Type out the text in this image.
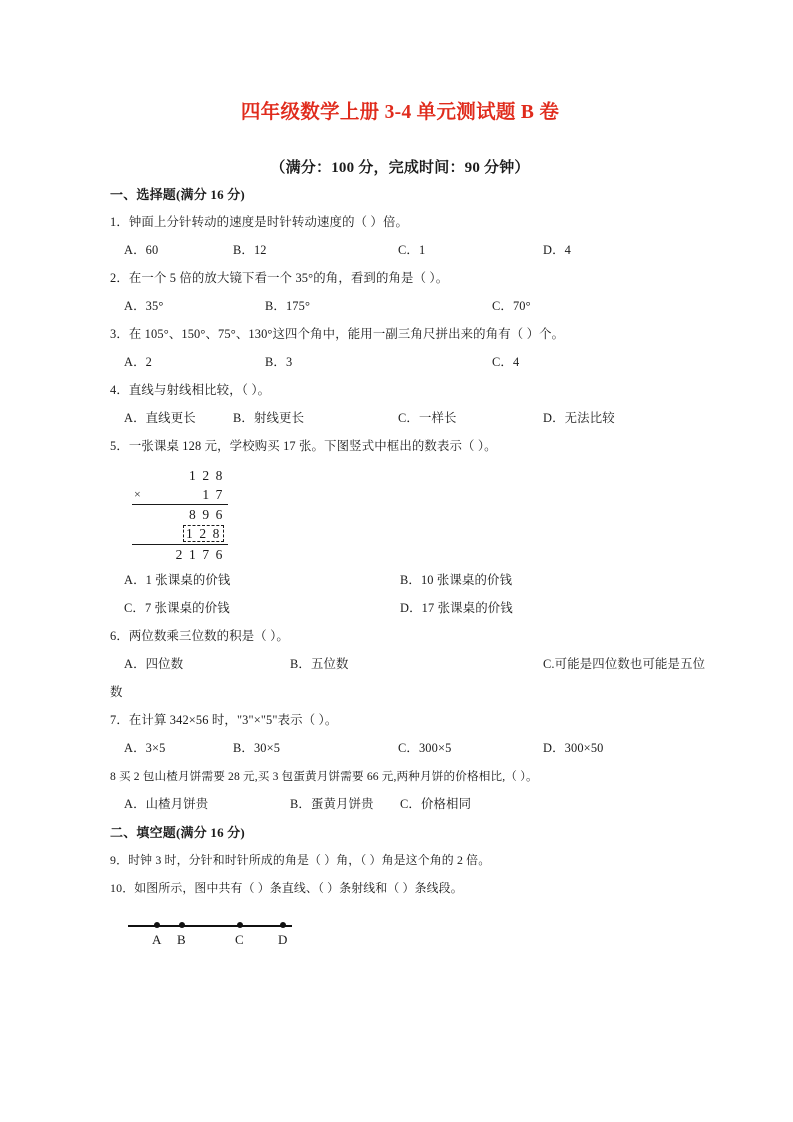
四年级数学上册 3-4 单元测试题 B 卷
（满分：100 分，完成时间：90 分钟）
一、选择题(满分 16 分)
1．钟面上分针转动的速度是时针转动速度的（ ）倍。
A．60	B．12	C．1	D．4
2．在一个 5 倍的放大镜下看一个 35°的角，看到的角是（ ）。
A．35°	B．175°	C．70°
3．在 105°、150°、75°、130°这四个角中，能用一副三角尺拼出来的角有（ ）个。
A．2	B．3	C．4
4．直线与射线相比较，（ ）。
A．直线更长	B．射线更长	C．一样长	D．无法比较
5．一张课桌 128 元，学校购买 17 张。下图竖式中框出的数表示（ ）。
1 2 8
×	1 7
8 9 6
1 2 8
2 1 7 6
A．1 张课桌的价钱	B．10 张课桌的价钱
C．7 张课桌的价钱	D．17 张课桌的价钱
6．两位数乘三位数的积是（ ）。
A．四位数	B．五位数	C.可能是四位数也可能是五位
数
7．在计算 342×56 时，"3"×"5"表示（ ）。
A．3×5	B．30×5	C．300×5	D．300×50
8 买 2 包山楂月饼需要 28 元,买 3 包蛋黄月饼需要 66 元,两种月饼的价格相比,（ ）。
A．山楂月饼贵	B．蛋黄月饼贵 C．价格相同
二、填空题(满分 16 分)
9．时钟 3 时，分针和时针所成的角是（ ）角，（ ）角是这个角的 2 倍。
10．如图所示，图中共有（ ）条直线、（ ）条射线和（ ）条线段。
A B	C	D
